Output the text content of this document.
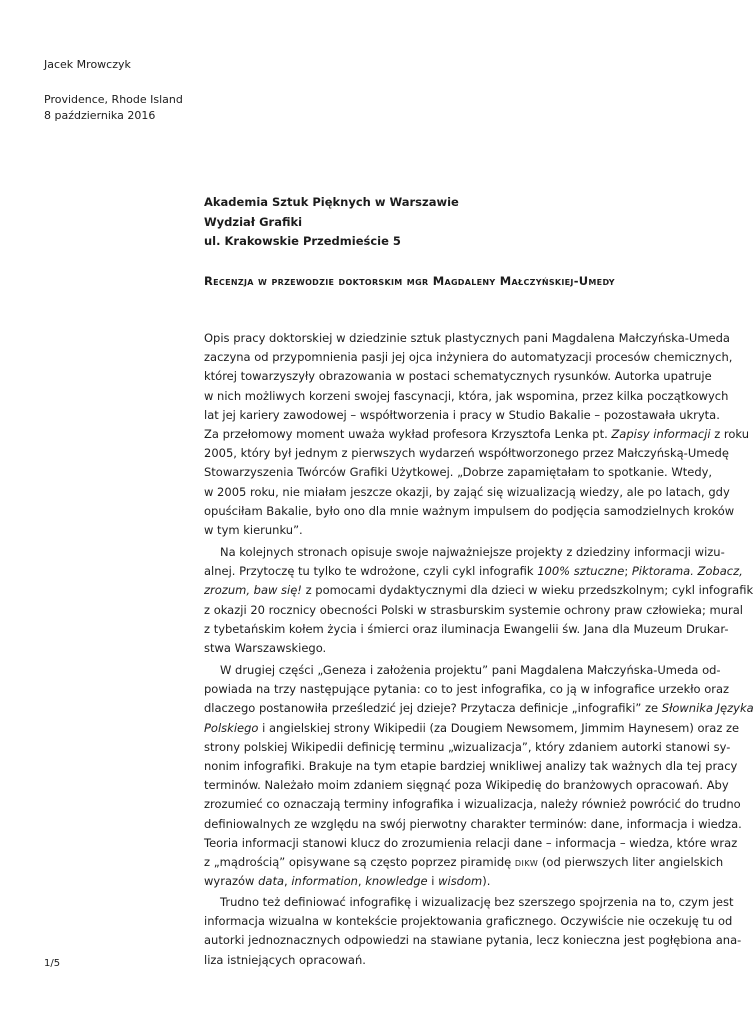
Jacek Mrowczyk
Providence, Rhode Island
8 października 2016
Akademia Sztuk Pięknych w Warszawie
Wydział Grafiki
ul. Krakowskie Przedmieście 5
Recenzja w przewodzie doktorskim mgr Magdaleny Małczyńskiej-Umedy
Opis pracy doktorskiej w dziedzinie sztuk plastycznych pani Magdalena Małczyńska-Umeda
zaczyna od przypomnienia pasji jej ojca inżyniera do automatyzacji procesów chemicznych,
której towarzyszyły obrazowania w postaci schematycznych rysunków. Autorka upatruje
w nich możliwych korzeni swojej fascynacji, która, jak wspomina, przez kilka początkowych
lat jej kariery zawodowej – współtworzenia i pracy w Studio Bakalie – pozostawała ukryta.
Za przełomowy moment uważa wykład profesora Krzysztofa Lenka pt. Zapisy informacji z roku
2005, który był jednym z pierwszych wydarzeń współtworzonego przez Małczyńską-Umedę
Stowarzyszenia Twórców Grafiki Użytkowej. „Dobrze zapamiętałam to spotkanie. Wtedy,
w 2005 roku, nie miałam jeszcze okazji, by zająć się wizualizacją wiedzy, ale po latach, gdy
opuściłam Bakalie, było ono dla mnie ważnym impulsem do podjęcia samodzielnych kroków
w tym kierunku”.
Na kolejnych stronach opisuje swoje najważniejsze projekty z dziedziny informacji wizu-
alnej. Przytoczę tu tylko te wdrożone, czyli cykl infografik 100% sztuczne; Piktorama. Zobacz,
zrozum, baw się! z pomocami dydaktycznymi dla dzieci w wieku przedszkolnym; cykl infografik
z okazji 20 rocznicy obecności Polski w strasburskim systemie ochrony praw człowieka; mural
z tybetańskim kołem życia i śmierci oraz iluminacja Ewangelii św. Jana dla Muzeum Drukar-
stwa Warszawskiego.
W drugiej części „Geneza i założenia projektu” pani Magdalena Małczyńska-Umeda od-
powiada na trzy następujące pytania: co to jest infografika, co ją w infografice urzekło oraz
dlaczego postanowiła prześledzić jej dzieje? Przytacza definicje „infografiki” ze Słownika Języka
Polskiego i angielskiej strony Wikipedii (za Dougiem Newsomem, Jimmim Haynesem) oraz ze
strony polskiej Wikipedii definicję terminu „wizualizacja”, który zdaniem autorki stanowi sy-
nonim infografiki. Brakuje na tym etapie bardziej wnikliwej analizy tak ważnych dla tej pracy
terminów. Należało moim zdaniem sięgnąć poza Wikipedię do branżowych opracowań. Aby
zrozumieć co oznaczają terminy infografika i wizualizacja, należy również powrócić do trudno
definiowalnych ze względu na swój pierwotny charakter terminów: dane, informacja i wiedza.
Teoria informacji stanowi klucz do zrozumienia relacji dane – informacja – wiedza, które wraz
z „mądrością” opisywane są często poprzez piramidę dikw (od pierwszych liter angielskich
wyrazów data, information, knowledge i wisdom).
Trudno też definiować infografikę i wizualizację bez szerszego spojrzenia na to, czym jest
informacja wizualna w kontekście projektowania graficznego. Oczywiście nie oczekuję tu od
autorki jednoznacznych odpowiedzi na stawiane pytania, lecz konieczna jest pogłębiona ana-
liza istniejących opracowań.
1/5
